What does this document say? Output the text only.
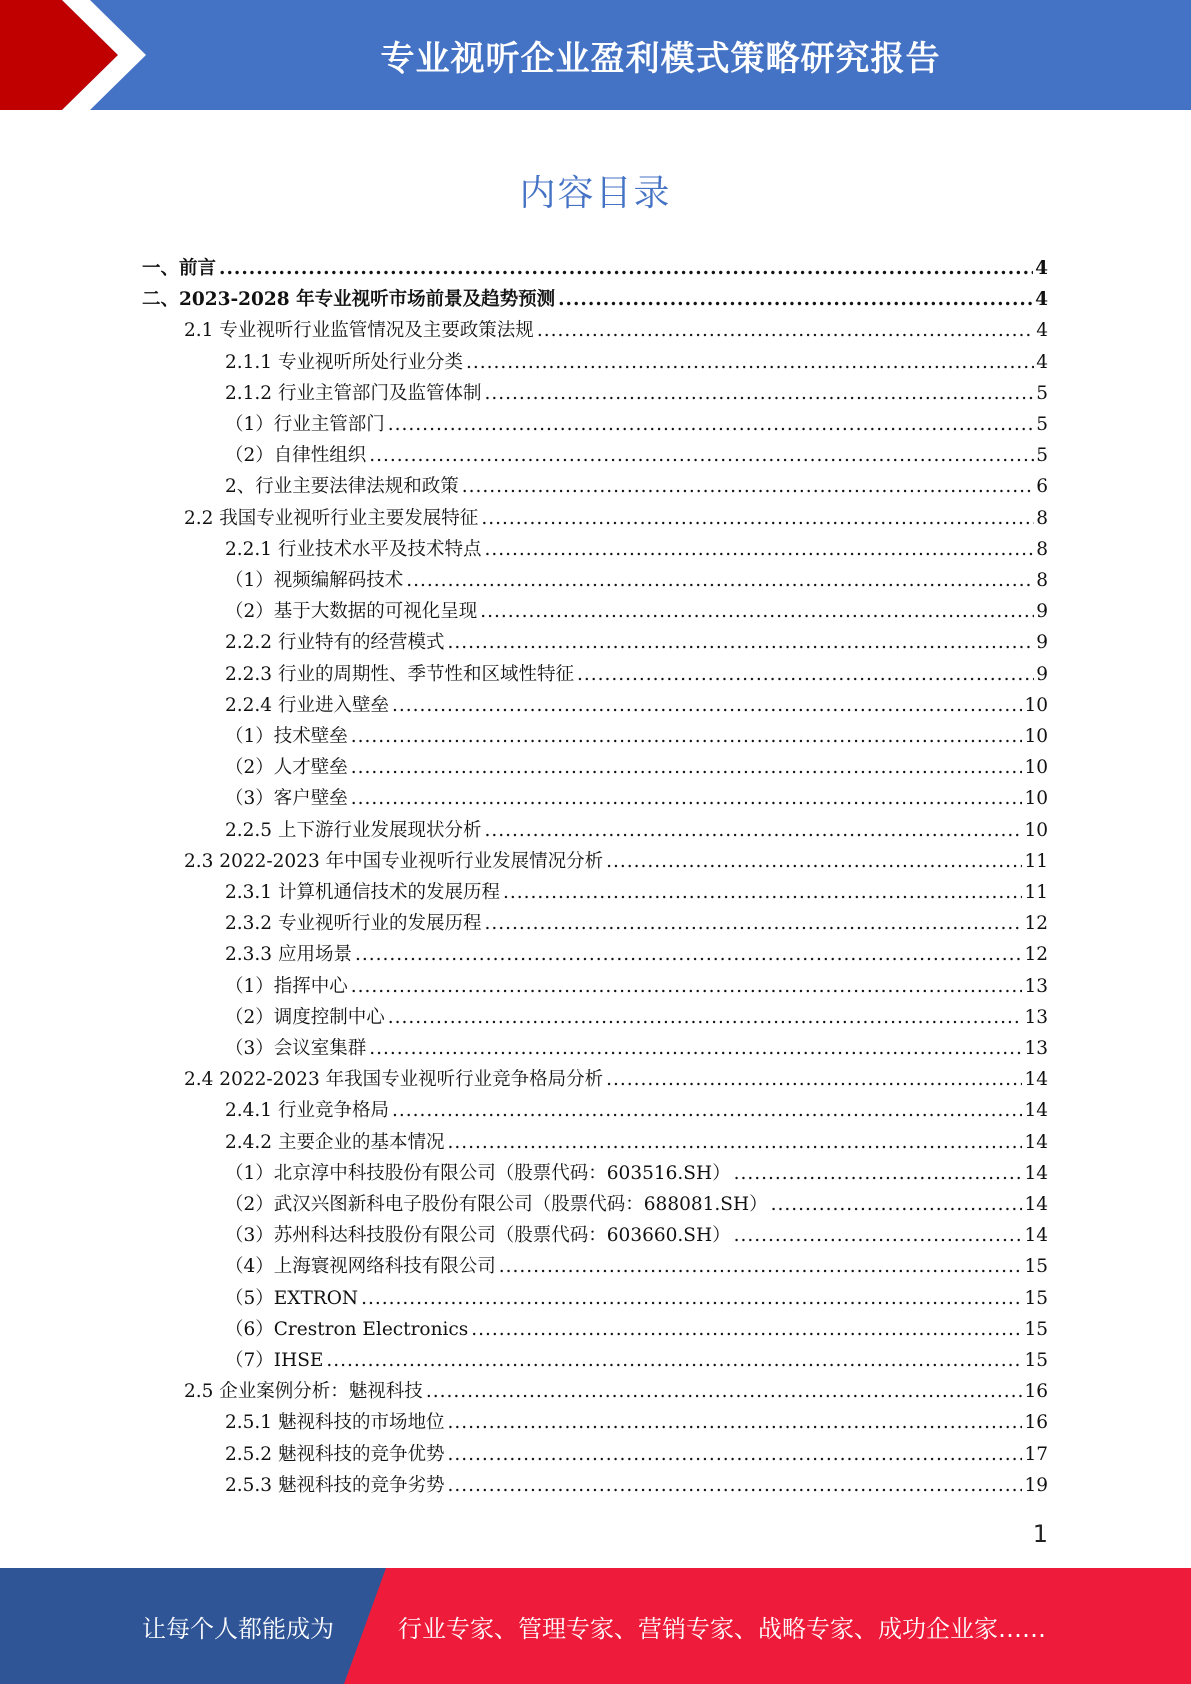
专业视听企业盈利模式策略研究报告
内容目录
一、前言 .....	4
二、2023-2028 年专业视听市场前景及趋势预测 .....	4
2.1 专业视听行业监管情况及主要政策法规 .....	4
2.1.1 专业视听所处行业分类 .....	4
2.1.2 行业主管部门及监管体制 .....	5
（1）行业主管部门 .....	5
（2）自律性组织 .....	5
2、行业主要法律法规和政策 .....	6
2.2 我国专业视听行业主要发展特征 .....	8
2.2.1 行业技术水平及技术特点 .....	8
（1）视频编解码技术 .....	8
（2）基于大数据的可视化呈现 .....	9
2.2.2 行业特有的经营模式 .....	9
2.2.3 行业的周期性、季节性和区域性特征 .....	9
2.2.4 行业进入壁垒 .....	10
（1）技术壁垒 .....	10
（2）人才壁垒 .....	10
（3）客户壁垒 .....	10
2.2.5 上下游行业发展现状分析 .....	10
2.3 2022-2023 年中国专业视听行业发展情况分析 .....	11
2.3.1 计算机通信技术的发展历程 .....	11
2.3.2 专业视听行业的发展历程 .....	12
2.3.3 应用场景 .....	12
（1）指挥中心 .....	13
（2）调度控制中心 .....	13
（3）会议室集群 .....	13
2.4 2022-2023 年我国专业视听行业竞争格局分析 .....	14
2.4.1 行业竞争格局 .....	14
2.4.2 主要企业的基本情况 .....	14
（1）北京淳中科技股份有限公司（股票代码：603516.SH） .....	14
（2）武汉兴图新科电子股份有限公司（股票代码：688081.SH） .....	14
（3）苏州科达科技股份有限公司（股票代码：603660.SH） .....	14
（4）上海寰视网络科技有限公司 .....	15
（5）EXTRON .....	15
（6）Crestron Electronics .....	15
（7）IHSE .....	15
2.5 企业案例分析：魅视科技 .....	16
2.5.1 魅视科技的市场地位 .....	16
2.5.2 魅视科技的竞争优势 .....	17
2.5.3 魅视科技的竞争劣势 .....	19
1
让每个人都能成为	行业专家、管理专家、营销专家、战略专家、成功企业家……
